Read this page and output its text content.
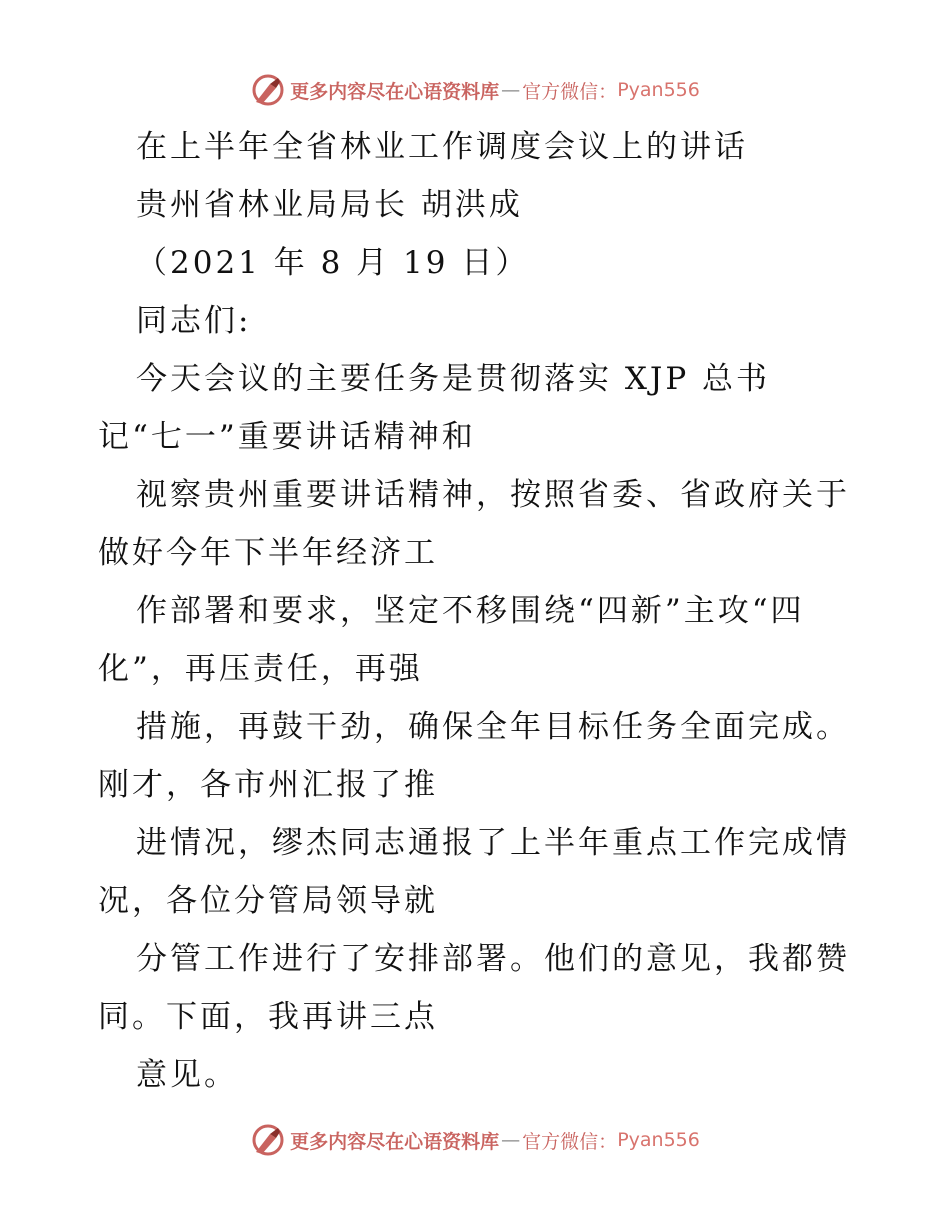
更多内容尽在心语资料库 — 官方微信： Pyan556
在上半年全省林业工作调度会议上的讲话
贵州省林业局局长 胡洪成
（2021 年 8 月 19 日）
同志们:
今天会议的主要任务是贯彻落实 XJP 总书
记“七一”重要讲话精神和
视察贵州重要讲话精神，按照省委、省政府关于
做好今年下半年经济工
作部署和要求，坚定不移围绕“四新”主攻“四
化”，再压责任，再强
措施，再鼓干劲，确保全年目标任务全面完成。
刚才，各市州汇报了推
进情况，缪杰同志通报了上半年重点工作完成情
况，各位分管局领导就
分管工作进行了安排部署。他们的意见，我都赞
同。下面，我再讲三点
意见。
更多内容尽在心语资料库 — 官方微信： Pyan556
